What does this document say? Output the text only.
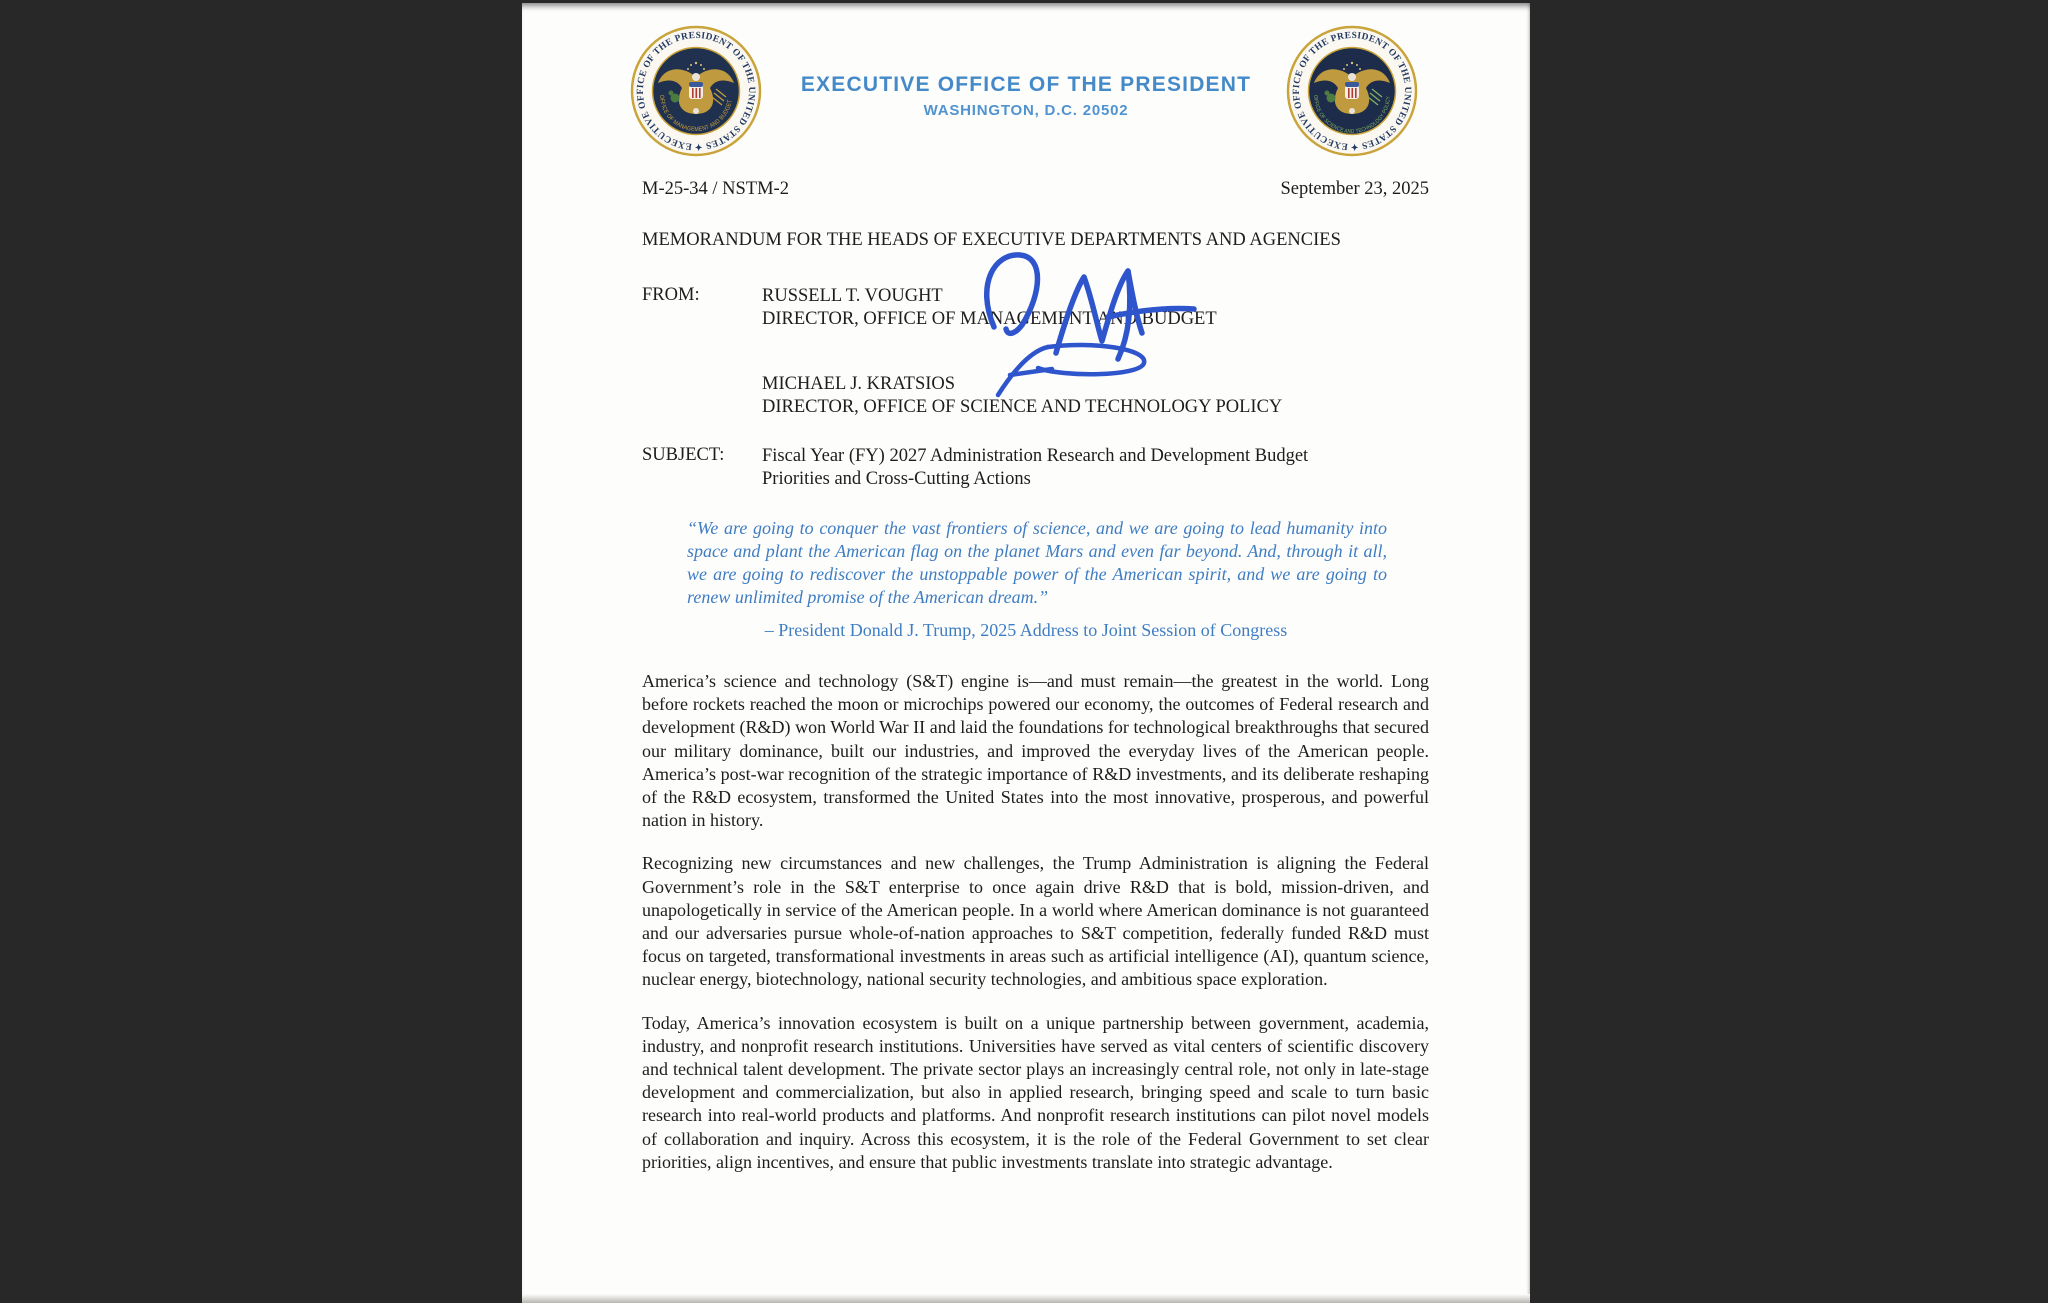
EXECUTIVE OFFICE OF THE PRESIDENT OF THE UNITED STATES ✦
OFFICE OF MANAGEMENT AND BUDGET
EXECUTIVE OFFICE OF THE PRESIDENT OF THE UNITED STATES ✦
OFFICE OF SCIENCE AND TECHNOLOGY POLICY
EXECUTIVE OFFICE OF THE PRESIDENT
WASHINGTON, D.C. 20502
M-25-34 / NSTM-2	September 23, 2025
MEMORANDUM FOR THE HEADS OF EXECUTIVE DEPARTMENTS AND AGENCIES
FROM:	RUSSELL T. VOUGHT
DIRECTOR, OFFICE OF MANAGEMENT AND BUDGET
MICHAEL J. KRATSIOS
DIRECTOR, OFFICE OF SCIENCE AND TECHNOLOGY POLICY
SUBJECT:	Fiscal Year (FY) 2027 Administration Research and Development Budget
Priorities and Cross-Cutting Actions
“We are going to conquer the vast frontiers of science, and we are going to lead humanity into space and plant the American flag on the planet Mars and even far beyond. And, through it all, we are going to rediscover the unstoppable power of the American spirit, and we are going to renew unlimited promise of the American dream.”
– President Donald J. Trump, 2025 Address to Joint Session of Congress

America’s science and technology (S&T) engine is—and must remain—the greatest in the world. Long before rockets reached the moon or microchips powered our economy, the outcomes of Federal research and development (R&D) won World War II and laid the foundations for technological breakthroughs that secured our military dominance, built our industries, and improved the everyday lives of the American people. America’s post-war recognition of the strategic importance of R&D investments, and its deliberate reshaping of the R&D ecosystem, transformed the United States into the most innovative, prosperous, and powerful nation in history.

Recognizing new circumstances and new challenges, the Trump Administration is aligning the Federal Government’s role in the S&T enterprise to once again drive R&D that is bold, mission-driven, and unapologetically in service of the American people. In a world where American dominance is not guaranteed and our adversaries pursue whole-of-nation approaches to S&T competition, federally funded R&D must focus on targeted, transformational investments in areas such as artificial intelligence (AI), quantum science, nuclear energy, biotechnology, national security technologies, and ambitious space exploration.

Today, America’s innovation ecosystem is built on a unique partnership between government, academia, industry, and nonprofit research institutions. Universities have served as vital centers of scientific discovery and technical talent development. The private sector plays an increasingly central role, not only in late-stage development and commercialization, but also in applied research, bringing speed and scale to turn basic research into real-world products and platforms. And nonprofit research institutions can pilot novel models of collaboration and inquiry. Across this ecosystem, it is the role of the Federal Government to set clear priorities, align incentives, and ensure that public investments translate into strategic advantage.
